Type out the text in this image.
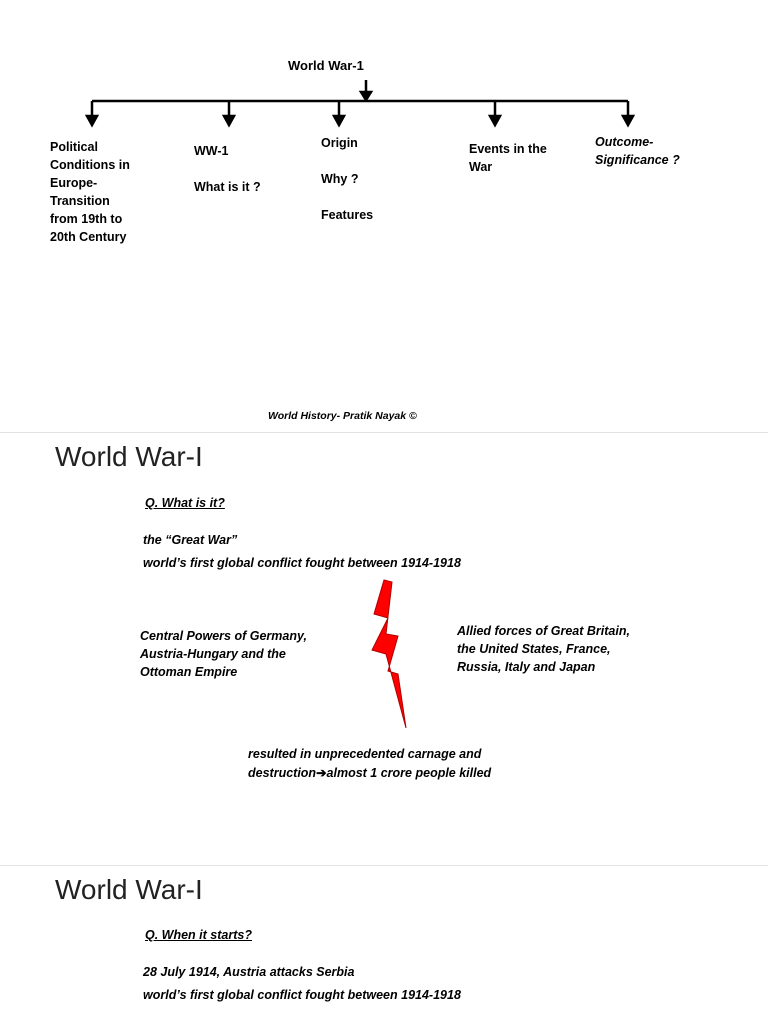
World War-1
Political
Conditions in
Europe-
Transition
from 19th to
20th Century
WW-1
What is it ?
Origin
Why ?
Features
Events in the
War
Outcome-
Significance ?
World History- Pratik Nayak ©
World War-I
Q. What is it?
the “Great War”
world’s first global conflict fought between 1914-1918
Central Powers of Germany,
Austria-Hungary and the
Ottoman Empire
Allied forces of Great Britain,
the United States, France,
Russia, Italy and Japan
resulted in unprecedented carnage and
destruction➔almost 1 crore people killed
World War-I
Q. When it starts?
28 July 1914, Austria attacks Serbia
world’s first global conflict fought between 1914-1918
